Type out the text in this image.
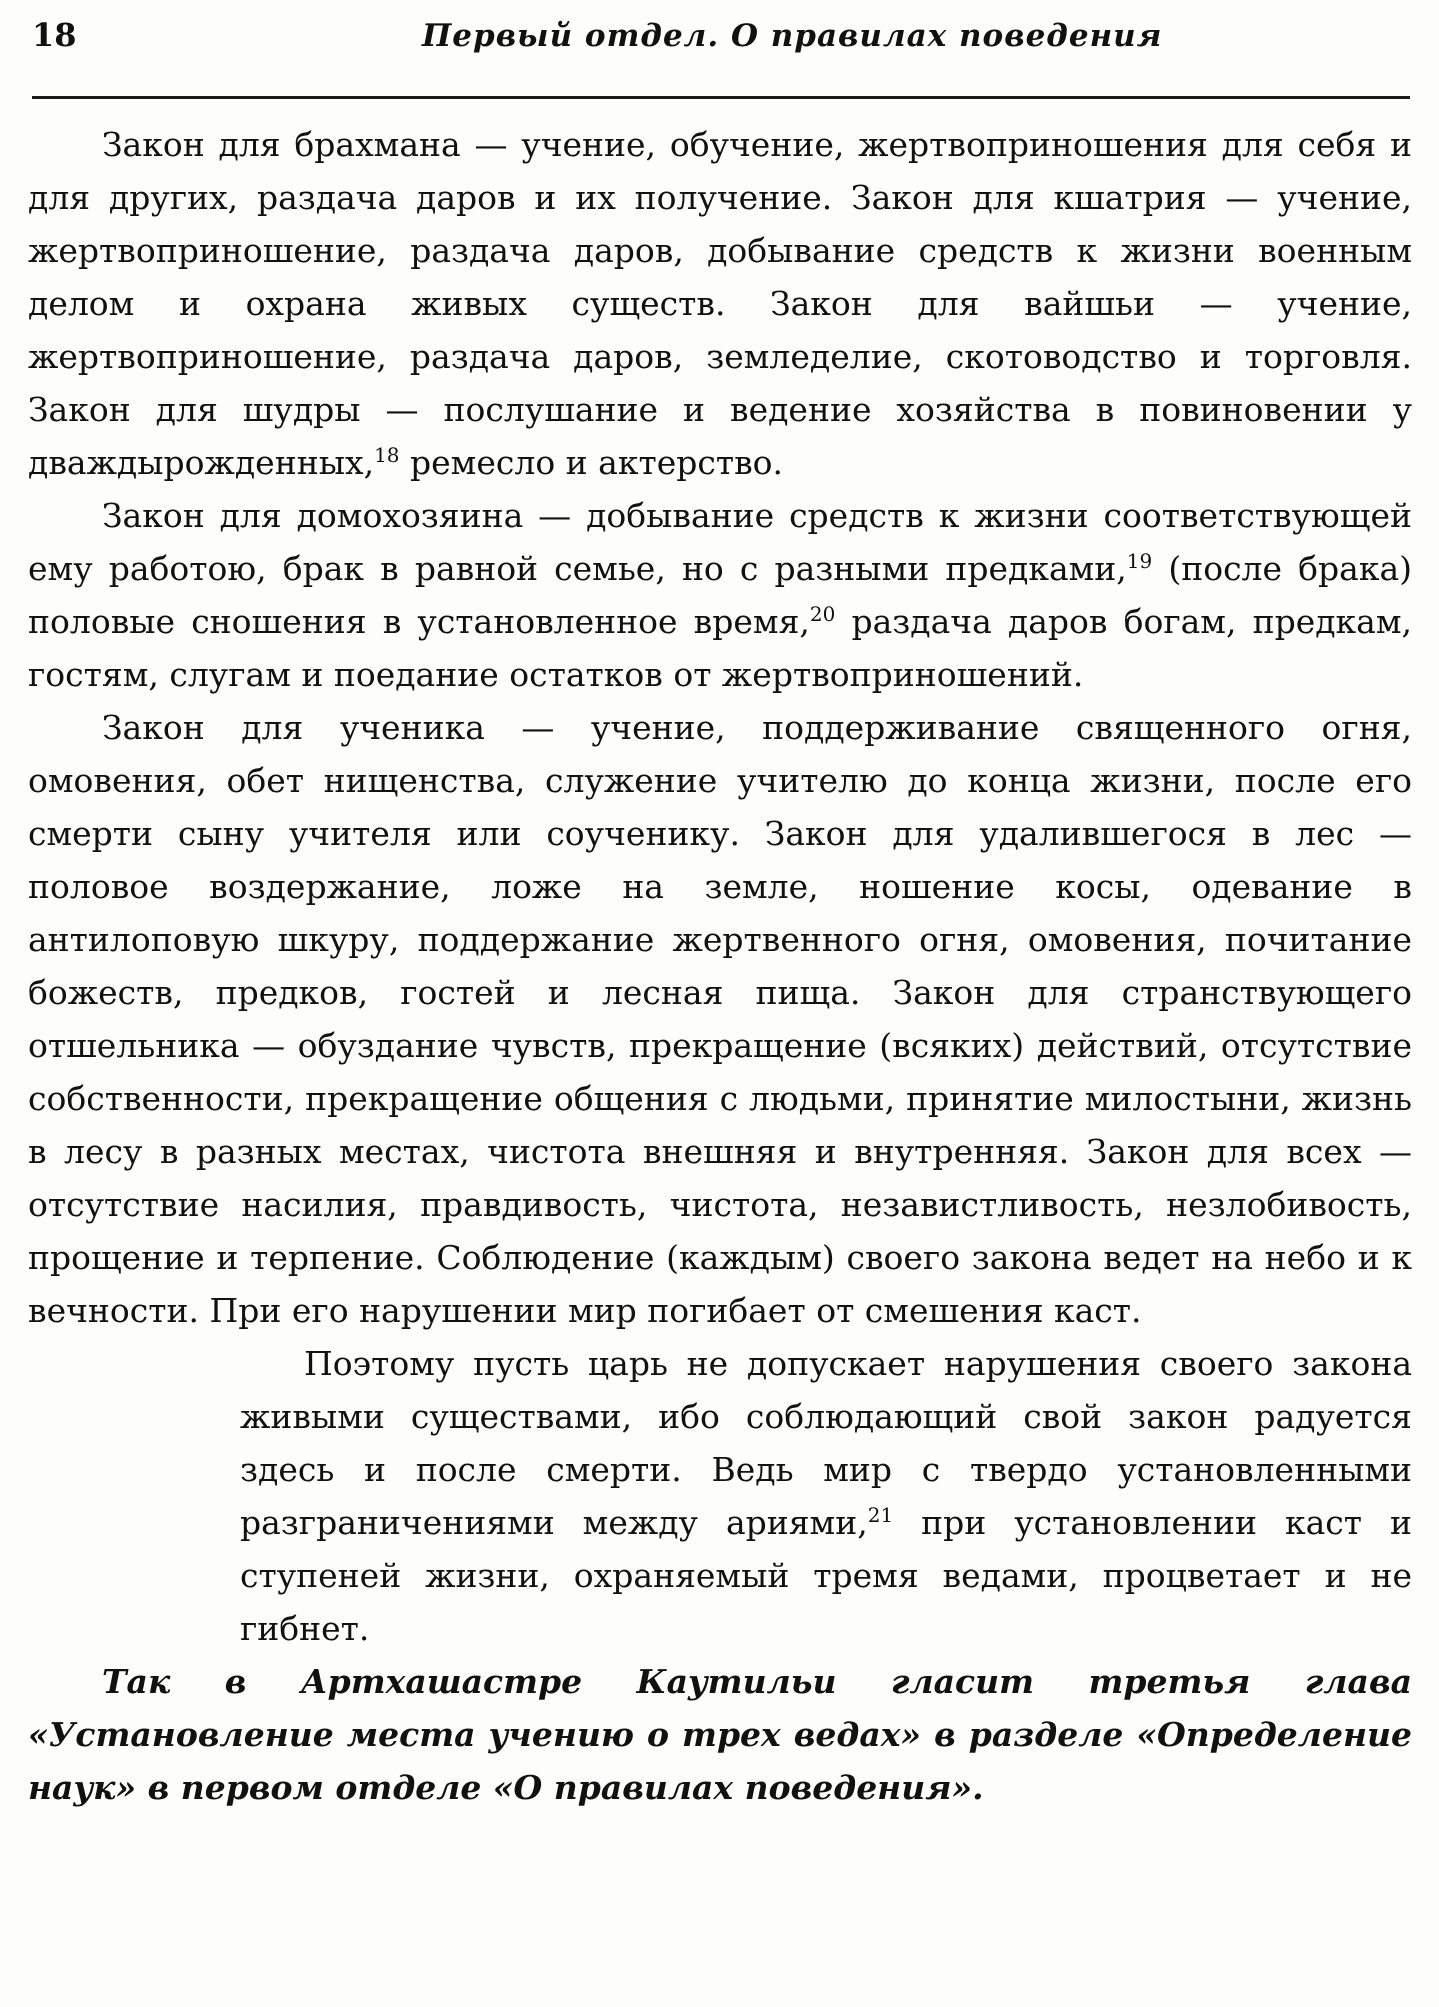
18	Первый отдел. О правилах поведения

Закон для брахмана — учение, обучение, жертвоприношения для себя и для других, раздача даров и их получение. Закон для кшатрия — учение, жертвоприношение, раздача даров, добывание средств к жизни военным делом и охрана живых существ. Закон для вайшьи — учение, жертвоприношение, раздача даров, земледелие, скотоводство и торговля. Закон для шудры — послушание и ведение хозяйства в повиновении у дваждырожденных,$^{18}$ ремесло и актерство.

Закон для домохозяина — добывание средств к жизни соответствующей ему работою, брак в равной семье, но с разными предками,$^{19}$ (после брака) половые сношения в установленное время,$^{20}$ раздача даров богам, предкам, гостям, слугам и поедание остатков от жертвоприношений.

Закон для ученика — учение, поддерживание священного огня, омовения, обет нищенства, служение учителю до конца жизни, после его смерти сыну учителя или соученику. Закон для удалившегося в лес — половое воздержание, ложе на земле, ношение косы, одевание в антилоповую шкуру, поддержание жертвенного огня, омовения, почитание божеств, предков, гостей и лесная пища. Закон для странствующего отшельника — обуздание чувств, прекращение (всяких) действий, отсутствие собственности, прекращение общения с людьми, принятие милостыни, жизнь в лесу в разных местах, чистота внешняя и внутренняя. Закон для всех — отсутствие насилия, правдивость, чистота, независтливость, незлобивость, прощение и терпение. Соблюдение (каждым) своего закона ведет на небо и к вечности. При его нарушении мир погибает от смешения каст.

Поэтому пусть царь не допускает нарушения своего закона живыми существами, ибо соблюдающий свой закон радуется здесь и после смерти. Ведь мир с твердо установленными разграничениями между ариями,$^{21}$ при установлении каст и ступеней жизни, охраняемый тремя ведами, процветает и не гибнет.

Так в Артхашастре Каутильи гласит третья глава «Установление места учению о трех ведах» в разделе «Определение наук» в первом отделе «О правилах поведения».
